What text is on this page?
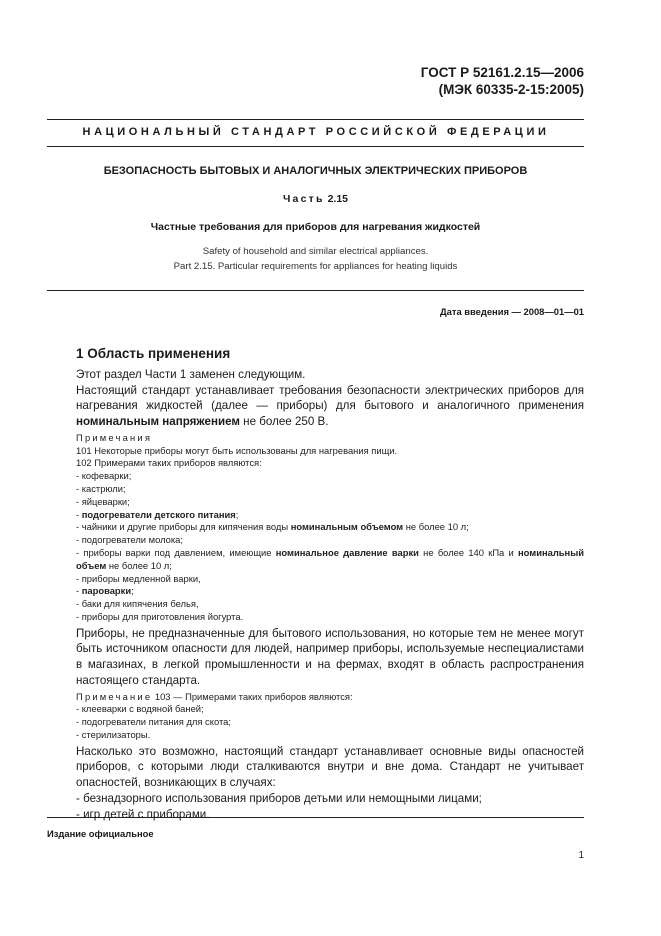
ГОСТ Р 52161.2.15—2006
(МЭК 60335-2-15:2005)
НАЦИОНАЛЬНЫЙ СТАНДАРТ РОССИЙСКОЙ ФЕДЕРАЦИИ
БЕЗОПАСНОСТЬ БЫТОВЫХ И АНАЛОГИЧНЫХ ЭЛЕКТРИЧЕСКИХ ПРИБОРОВ
Часть 2.15
Частные требования для приборов для нагревания жидкостей
Safety of household and similar electrical appliances.
Part 2.15. Particular requirements for appliances for heating liquids
Дата введения — 2008—01—01
1 Область применения

Этот раздел Части 1 заменен следующим.

Настоящий стандарт устанавливает требования безопасности электрических приборов для нагревания жидкостей (далее — приборы) для бытового и аналогичного применения номинальным напряжением не более 250 В.

Примечания

101 Некоторые приборы могут быть использованы для нагревания пищи.

102 Примерами таких приборов являются:

- кофеварки;

- кастрюли;

- яйцеварки;

- подогреватели детского питания;

- чайники и другие приборы для кипячения воды номинальным объемом не более 10 л;

- подогреватели молока;

- приборы варки под давлением, имеющие номинальное давление варки не более 140 кПа и номинальный объем не более 10 л;

- приборы медленной варки,

- пароварки;

- баки для кипячения белья,

- приборы для приготовления йогурта.

Приборы, не предназначенные для бытового использования, но которые тем не менее могут быть источником опасности для людей, например приборы, используемые неспециалистами в магазинах, в легкой промышленности и на фермах, входят в область распространения настоящего стандарта.

Примечание 103 — Примерами таких приборов являются:

- клееварки с водяной баней;

- подогреватели питания для скота;

- стерилизаторы.

Насколько это возможно, настоящий стандарт устанавливает основные виды опасностей приборов, с которыми люди сталкиваются внутри и вне дома. Стандарт не учитывает опасностей, возникающих в случаях:

- безнадзорного использования приборов детьми или немощными лицами;

- игр детей с приборами.

Издание официальное
1
